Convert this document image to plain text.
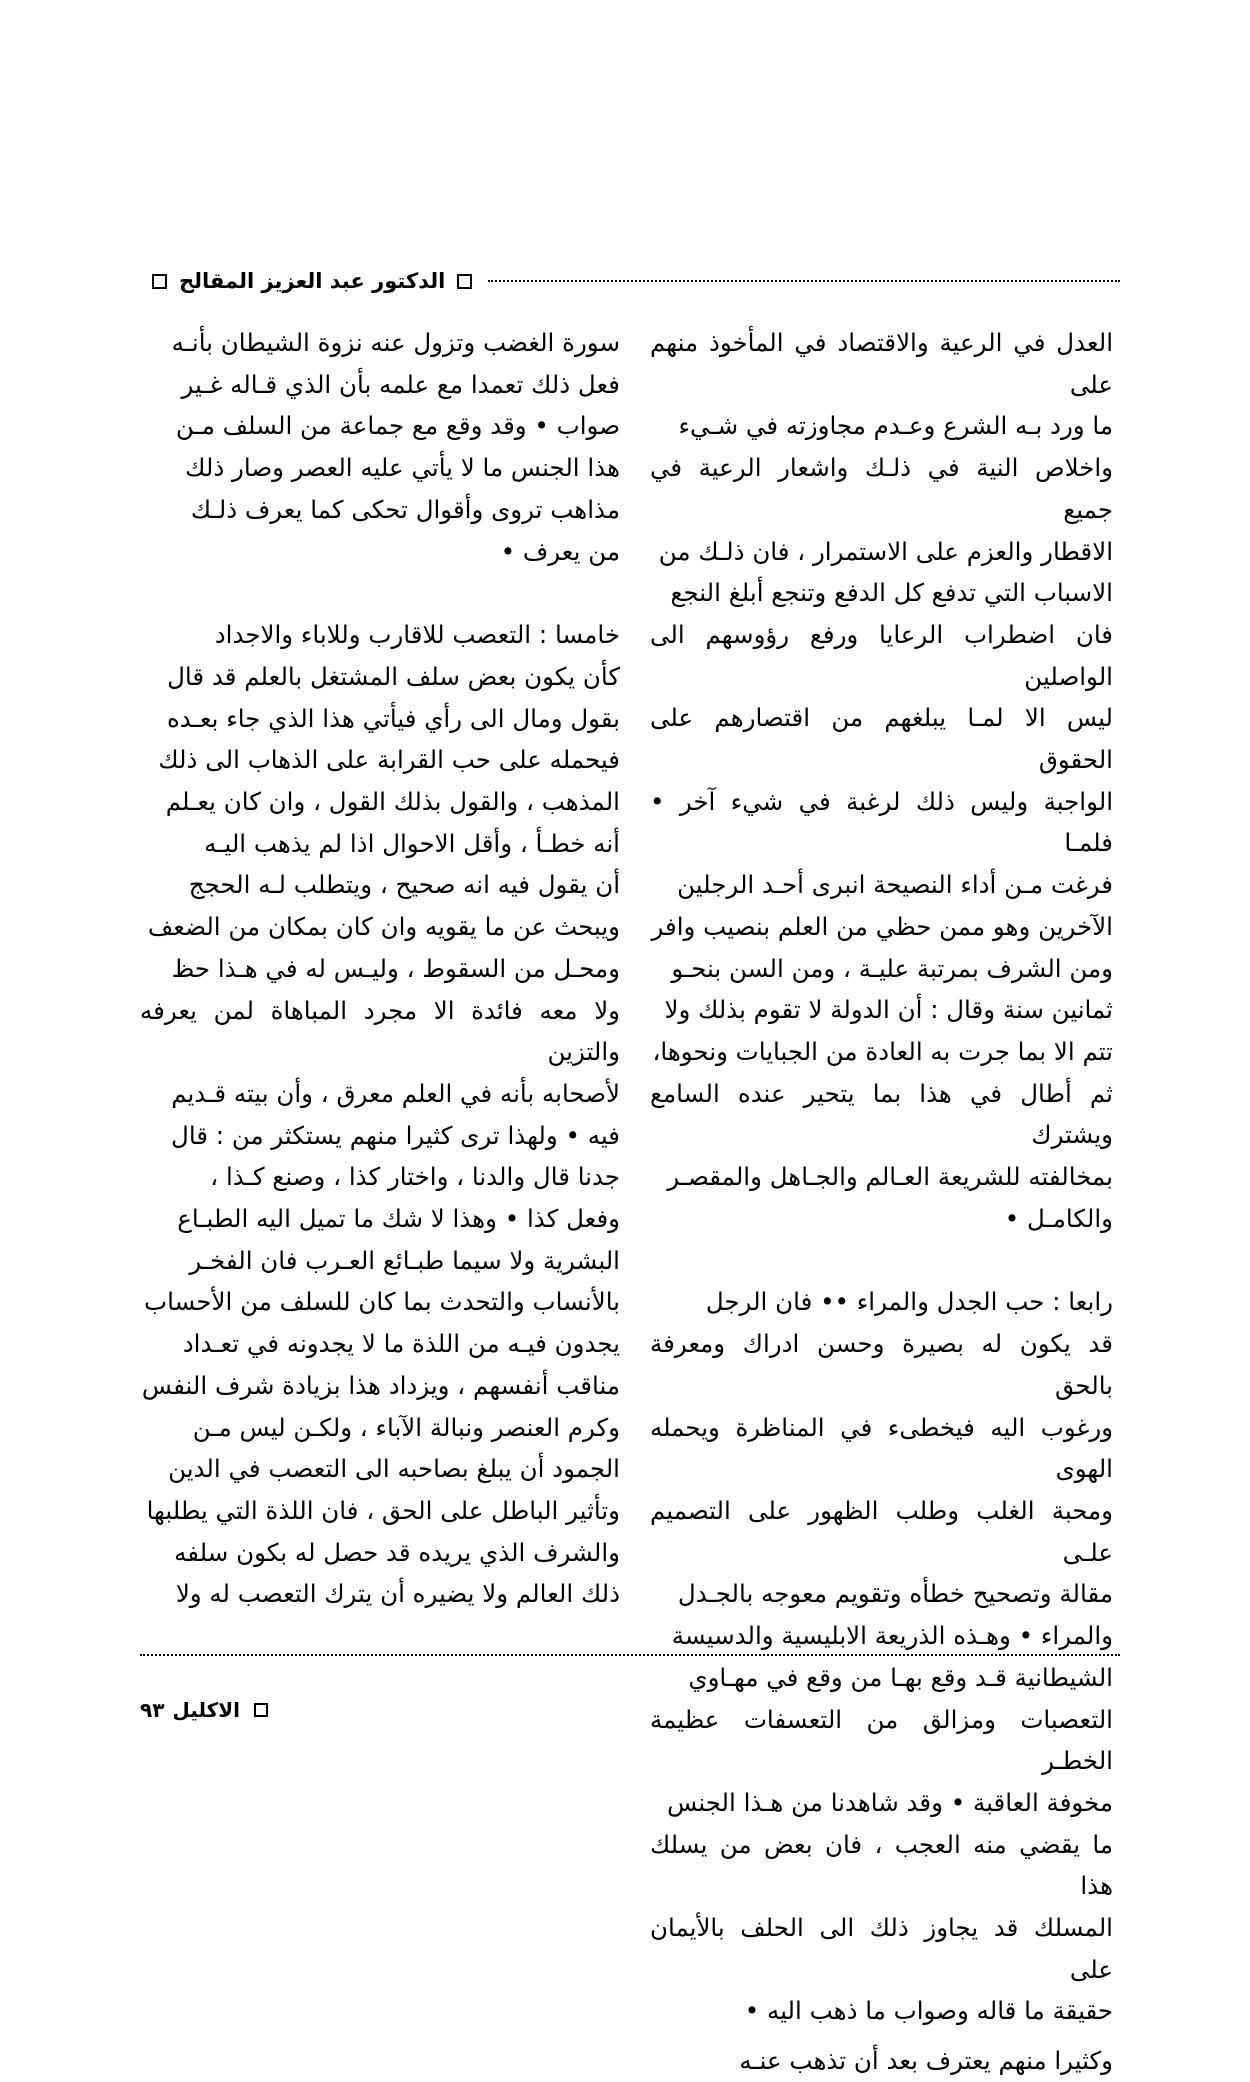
الدكتور عبد العزيز المقالح

العدل في الرعية والاقتصاد في المأخوذ منهم على

ما ورد بـه الشرع وعـدم مجاوزته في شـيء

واخلاص النية في ذلـك واشعار الرعية في جميع

الاقطار والعزم على الاستمرار ، فان ذلـك من

الاسباب التي تدفع كل الدفع وتنجع أبلغ النجع

فان اضطراب الرعايا ورفع رؤوسهم الى الواصلين

ليس الا لمـا يبلغهم من اقتصارهم على الحقوق

الواجبة وليس ذلك لرغبة في شيء آخر • فلمـا

فرغت مـن أداء النصيحة انبرى أحـد الرجلين

الآخرين وهو ممن حظي من العلم بنصيب وافر

ومن الشرف بمرتبة عليـة ، ومن السن بنحـو

ثمانين سنة وقال : أن الدولة لا تقوم بذلك ولا

تتم الا بما جرت به العادة من الجبايات ونحوها،

ثم أطال في هذا بما يتحير عنده السامع ويشترك

بمخالفته للشريعة العـالم والجـاهل والمقصـر

والكامـل •

رابعا : حب الجدل والمراء •• فان الرجل

قد يكون له بصيرة وحسن ادراك ومعرفة بالحق

ورغوب اليه فيخطىء في المناظرة ويحمله الهوى

ومحبة الغلب وطلب الظهور على التصميم علـى

مقالة وتصحيح خطأه وتقويم معوجه بالجـدل

والمراء • وهـذه الذريعة الابليسية والدسيسة

الشيطانية قـد وقع بهـا من وقع في مهـاوي

التعصبات ومزالق من التعسفات عظيمة الخطـر

مخوفة العاقبة • وقد شاهدنا من هـذا الجنس

ما يقضي منه العجب ، فان بعض من يسلك هذا

المسلك قد يجاوز ذلك الى الحلف بالأيمان على

حقيقة ما قاله وصواب ما ذهب اليه •

وكثيرا منهم يعترف بعد أن تذهب عنـه

سورة الغضب وتزول عنه نزوة الشيطان بأنـه

فعل ذلك تعمدا مع علمه بأن الذي قـاله غـير

صواب • وقد وقع مع جماعة من السلف مـن

هذا الجنس ما لا يأتي عليه العصر وصار ذلك

مذاهب تروى وأقوال تحكى كما يعرف ذلـك

من يعرف •

خامسا : التعصب للاقارب وللاباء والاجداد

كأن يكون بعض سلف المشتغل بالعلم قد قال

بقول ومال الى رأي فيأتي هذا الذي جاء بعـده

فيحمله على حب القرابة على الذهاب الى ذلك

المذهب ، والقول بذلك القول ، وان كان يعـلم

أنه خطـأ ، وأقل الاحوال اذا لم يذهب اليـه

أن يقول فيه انه صحيح ، ويتطلب لـه الحجج

ويبحث عن ما يقويه وان كان بمكان من الضعف

ومحـل من السقوط ، وليـس له في هـذا حظ

ولا معه فائدة الا مجرد المباهاة لمن يعرفه والتزين

لأصحابه بأنه في العلم معرق ، وأن بيته قـديم

فيه • ولهذا ترى كثيرا منهم يستكثر من : قال

جدنا قال والدنا ، واختار كذا ، وصنع كـذا ،

وفعل كذا • وهذا لا شك ما تميل اليه الطبـاع

البشرية ولا سيما طبـائع العـرب فان الفخـر

بالأنساب والتحدث بما كان للسلف من الأحساب

يجدون فيـه من اللذة ما لا يجدونه في تعـداد

مناقب أنفسهم ، ويزداد هذا بزيادة شرف النفس

وكرم العنصر ونبالة الآباء ، ولكـن ليس مـن

الجمود أن يبلغ بصاحبه الى التعصب في الدين

وتأثير الباطل على الحق ، فان اللذة التي يطلبها

والشرف الذي يريده قد حصل له بكون سلفه

ذلك العالم ولا يضيره أن يترك التعصب له ولا

٩٣ الاكليل
